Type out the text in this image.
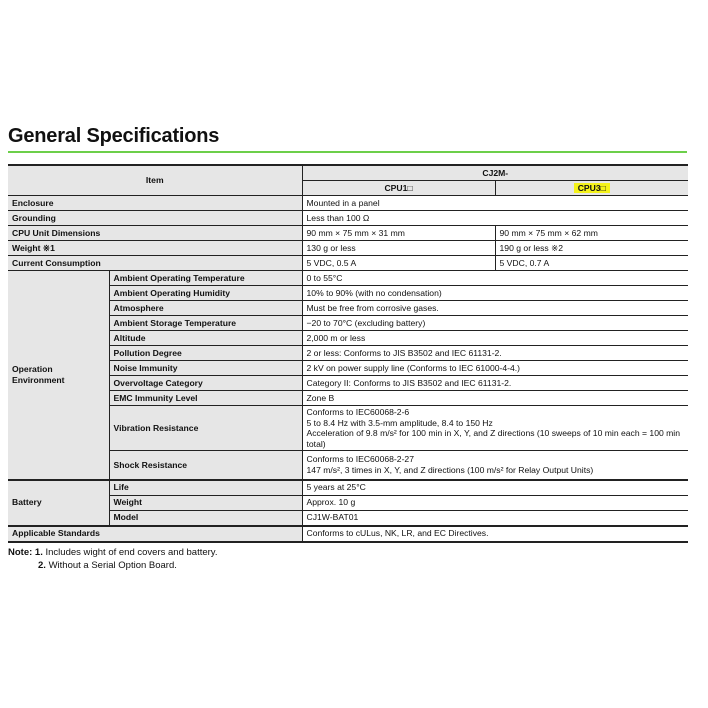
General Specifications
Item		CJ2M-	
		CPU1□	CPU3□
Enclosure		Mounted in a panel	
Grounding		Less than 100 Ω	
CPU Unit Dimensions		90 mm × 75 mm × 31 mm	90 mm × 75 mm × 62 mm
Weight ※1		130 g or less	190 g or less ※2
Current Consumption		5 VDC, 0.5 A	5 VDC, 0.7 A
Operation Environment	Ambient Operating Temperature	0 to 55°C	
	Ambient Operating Humidity	10% to 90% (with no condensation)	
	Atmosphere	Must be free from corrosive gases.	
	Ambient Storage Temperature	−20 to 70°C (excluding battery)	
	Altitude	2,000 m or less	
	Pollution Degree	2 or less: Conforms to JIS B3502 and IEC 61131-2.	
	Noise Immunity	2 kV on power supply line (Conforms to IEC 61000-4-4.)	
	Overvoltage Category	Category II: Conforms to JIS B3502 and IEC 61131-2.	
	EMC Immunity Level	Zone B	
	Vibration Resistance	Conforms to IEC60068-2-6
5 to 8.4 Hz with 3.5-mm amplitude, 8.4 to 150 Hz
Acceleration of 9.8 m/s² for 100 min in X, Y, and Z directions (10 sweeps of 10 min each = 100 min total)	

	Shock Resistance	Conforms to IEC60068-2-27
147 m/s², 3 times in X, Y, and Z directions (100 m/s² for Relay Output Units)	

Battery	Life	5 years at 25°C	
	Weight	Approx. 10 g	
	Model	CJ1W-BAT01	
Applicable Standards		Conforms to cULus, NK, LR, and EC Directives.	
Note: 1. Includes wight of end covers and battery.
2. Without a Serial Option Board.
